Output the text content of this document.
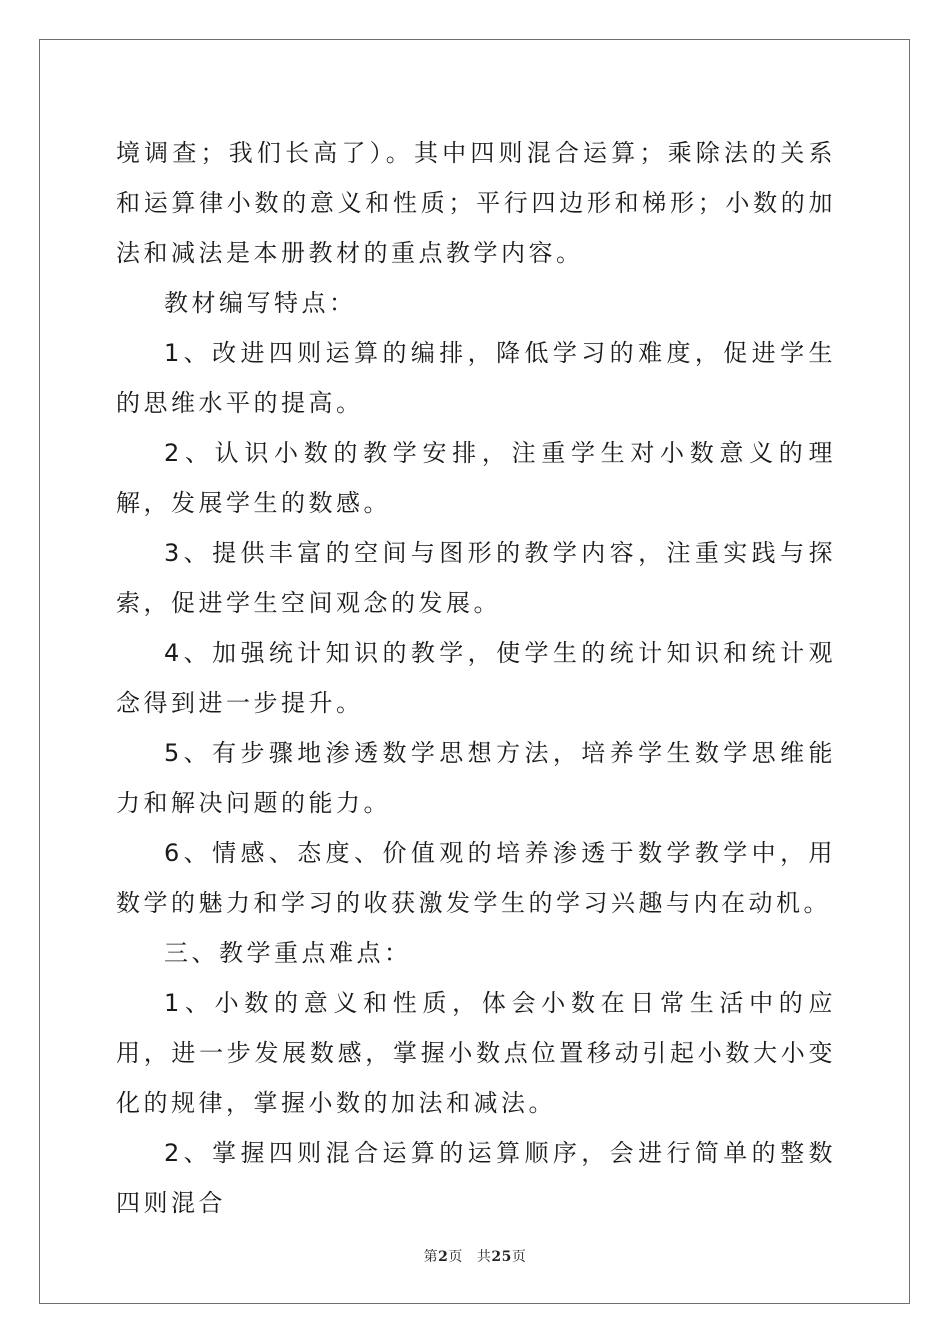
境调查；我们长高了）。其中四则混合运算；乘除法的关系和运算律小数的意义和性质；平行四边形和梯形；小数的加法和减法是本册教材的重点教学内容。

教材编写特点：

1、改进四则运算的编排，降低学习的难度，促进学生的思维水平的提高。

2、认识小数的教学安排，注重学生对小数意义的理解，发展学生的数感。

3、提供丰富的空间与图形的教学内容，注重实践与探索，促进学生空间观念的发展。

4、加强统计知识的教学，使学生的统计知识和统计观念得到进一步提升。

5、有步骤地渗透数学思想方法，培养学生数学思维能力和解决问题的能力。

6、情感、态度、价值观的培养渗透于数学教学中，用数学的魅力和学习的收获激发学生的学习兴趣与内在动机。

三、教学重点难点：

1、小数的意义和性质，体会小数在日常生活中的应用，进一步发展数感，掌握小数点位置移动引起小数大小变化的规律，掌握小数的加法和减法。

2、掌握四则混合运算的运算顺序，会进行简单的整数四则混合

第2页 共25页
